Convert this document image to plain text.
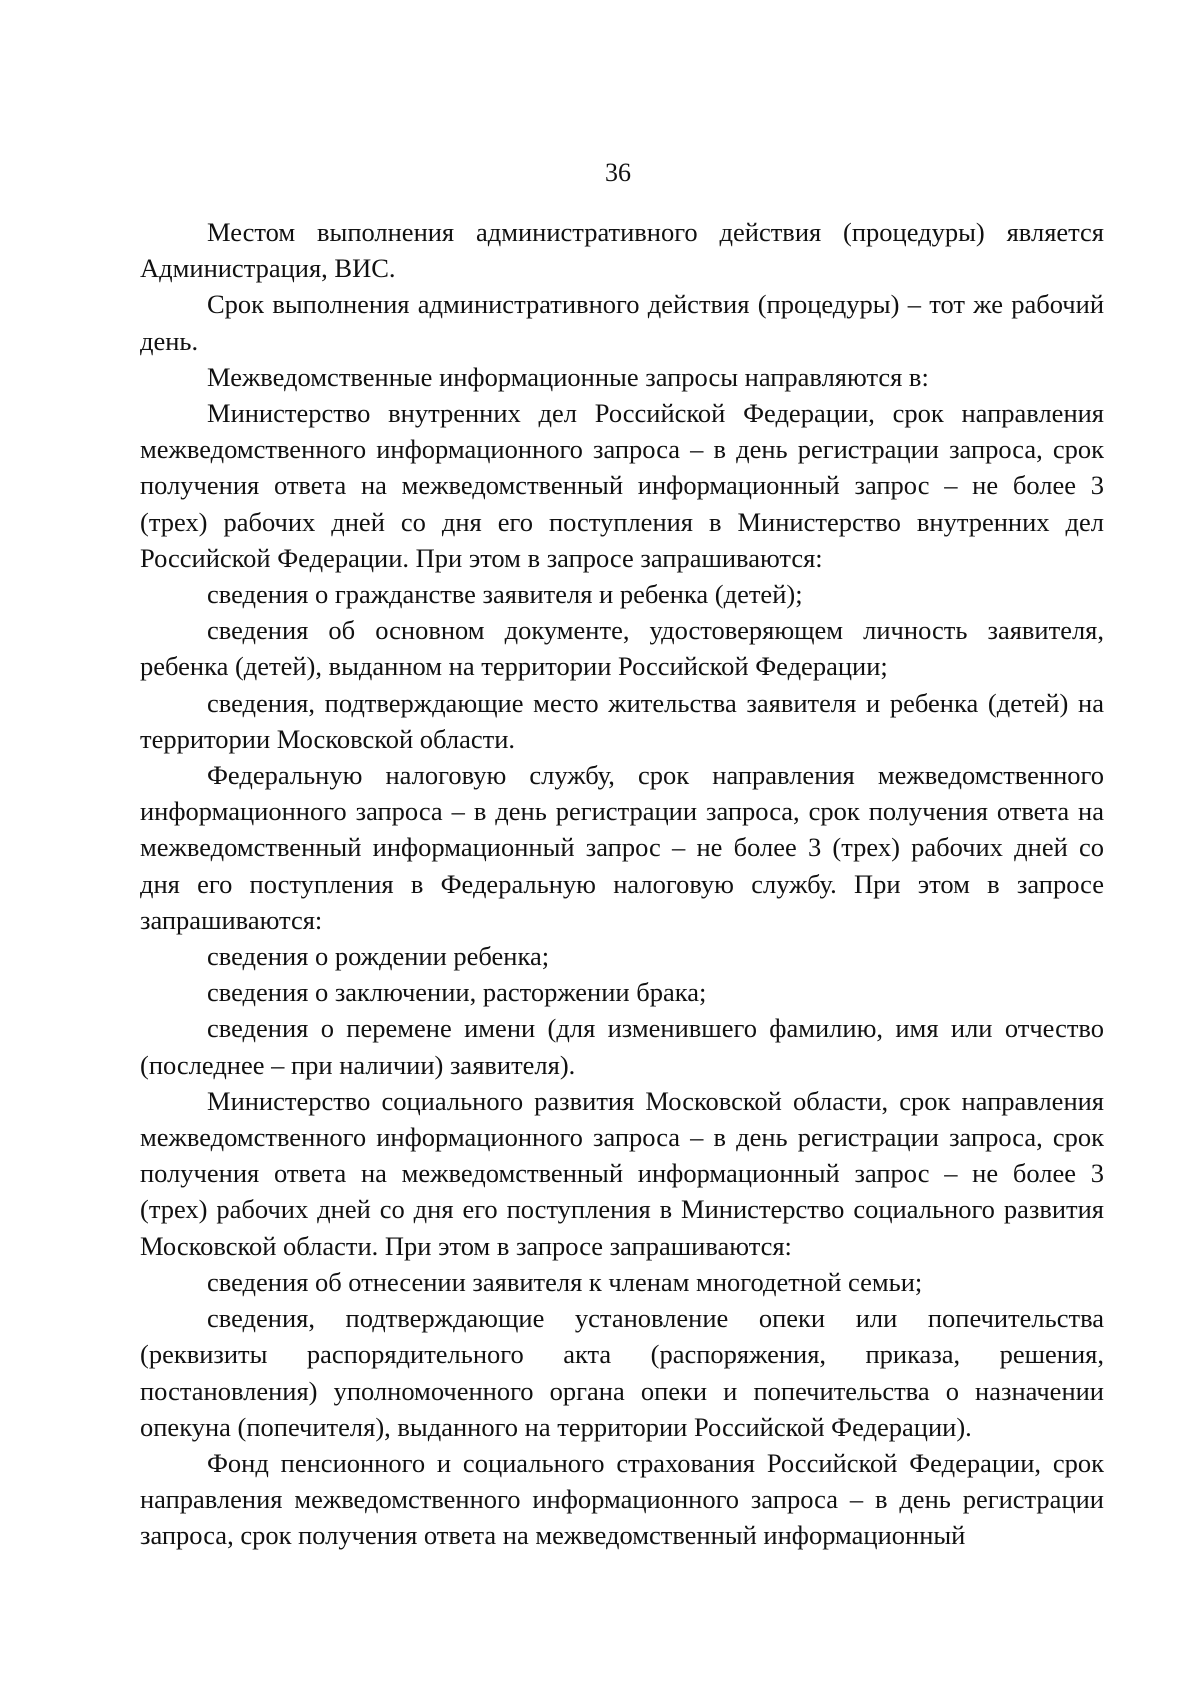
36

Местом выполнения административного действия (процедуры) является Администрация, ВИС.

Срок выполнения административного действия (процедуры) – тот же рабочий день.

Межведомственные информационные запросы направляются в:

Министерство внутренних дел Российской Федерации, срок направления межведомственного информационного запроса – в день регистрации запроса, срок получения ответа на межведомственный информационный запрос – не более 3 (трех) рабочих дней со дня его поступления в Министерство внутренних дел Российской Федерации. При этом в запросе запрашиваются:

сведения о гражданстве заявителя и ребенка (детей);

сведения об основном документе, удостоверяющем личность заявителя, ребенка (детей), выданном на территории Российской Федерации;

сведения, подтверждающие место жительства заявителя и ребенка (детей) на территории Московской области.

Федеральную налоговую службу, срок направления межведомственного информационного запроса – в день регистрации запроса, срок получения ответа на межведомственный информационный запрос – не более 3 (трех) рабочих дней со дня его поступления в Федеральную налоговую службу. При этом в запросе запрашиваются:

сведения о рождении ребенка;

сведения о заключении, расторжении брака;

сведения о перемене имени (для изменившего фамилию, имя или отчество (последнее – при наличии) заявителя).

Министерство социального развития Московской области, срок направления межведомственного информационного запроса – в день регистрации запроса, срок получения ответа на межведомственный информационный запрос – не более 3 (трех) рабочих дней со дня его поступления в Министерство социального развития Московской области. При этом в запросе запрашиваются:

сведения об отнесении заявителя к членам многодетной семьи;

сведения, подтверждающие установление опеки или попечительства (реквизиты распорядительного акта (распоряжения, приказа, решения, постановления) уполномоченного органа опеки и попечительства о назначении опекуна (попечителя), выданного на территории Российской Федерации).

Фонд пенсионного и социального страхования Российской Федерации, срок направления межведомственного информационного запроса – в день регистрации запроса, срок получения ответа на межведомственный информационный
